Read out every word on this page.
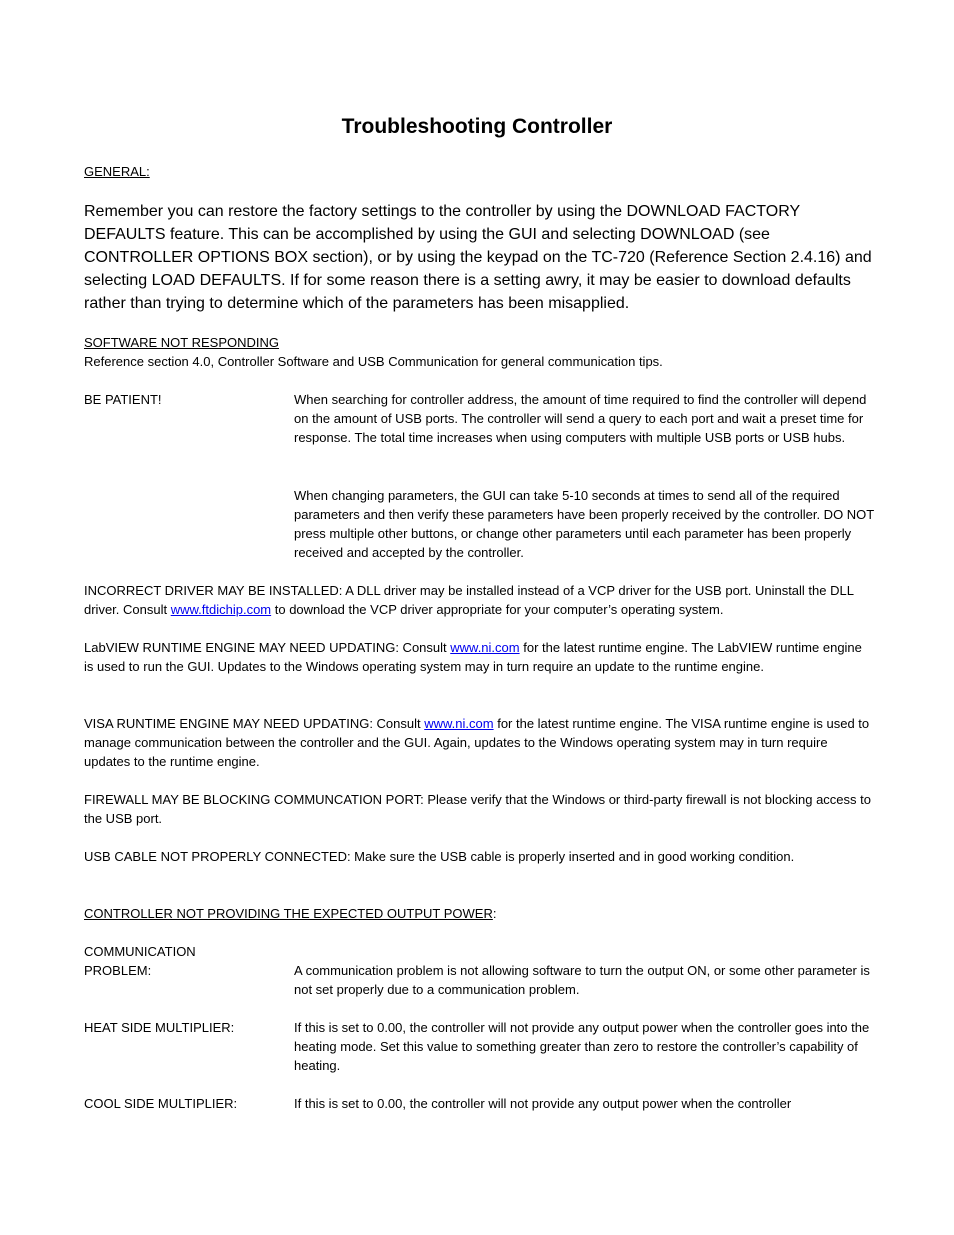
Troubleshooting Controller

GENERAL:

Remember you can restore the factory settings to the controller by using the DOWNLOAD FACTORY DEFAULTS feature. This can be accomplished by using the GUI and selecting DOWNLOAD (see CONTROLLER OPTIONS BOX section), or by using the keypad on the TC-720 (Reference Section 2.4.16) and selecting LOAD DEFAULTS. If for some reason there is a setting awry, it may be easier to download defaults rather than trying to determine which of the parameters has been misapplied.

SOFTWARE NOT RESPONDING

Reference section 4.0, Controller Software and USB Communication for general communication tips.

BE PATIENT!	When searching for controller address, the amount of time required to find the controller will depend on the amount of USB ports. The controller will send a query to each port and wait a preset time for response. The total time increases when using computers with multiple USB ports or USB hubs.

When changing parameters, the GUI can take 5-10 seconds at times to send all of the required parameters and then verify these parameters have been properly received by the controller. DO NOT press multiple other buttons, or change other parameters until each parameter has been properly received and accepted by the controller.

INCORRECT DRIVER MAY BE INSTALLED: A DLL driver may be installed instead of a VCP driver for the USB port. Uninstall the DLL driver. Consult www.ftdichip.com to download the VCP driver appropriate for your computer’s operating system.

LabVIEW RUNTIME ENGINE MAY NEED UPDATING: Consult www.ni.com for the latest runtime engine. The LabVIEW runtime engine is used to run the GUI. Updates to the Windows operating system may in turn require an update to the runtime engine.

VISA RUNTIME ENGINE MAY NEED UPDATING: Consult www.ni.com for the latest runtime engine. The VISA runtime engine is used to manage communication between the controller and the GUI. Again, updates to the Windows operating system may in turn require updates to the runtime engine.

FIREWALL MAY BE BLOCKING COMMUNCATION PORT: Please verify that the Windows or third-party firewall is not blocking access to the USB port.

USB CABLE NOT PROPERLY CONNECTED: Make sure the USB cable is properly inserted and in good working condition.

CONTROLLER NOT PROVIDING THE EXPECTED OUTPUT POWER:

COMMUNICATION

PROBLEM:	A communication problem is not allowing software to turn the output ON, or some other parameter is not set properly due to a communication problem.

HEAT SIDE MULTIPLIER:	If this is set to 0.00, the controller will not provide any output power when the controller goes into the heating mode. Set this value to something greater than zero to restore the controller’s capability of heating.

COOL SIDE MULTIPLIER:	If this is set to 0.00, the controller will not provide any output power when the controller
